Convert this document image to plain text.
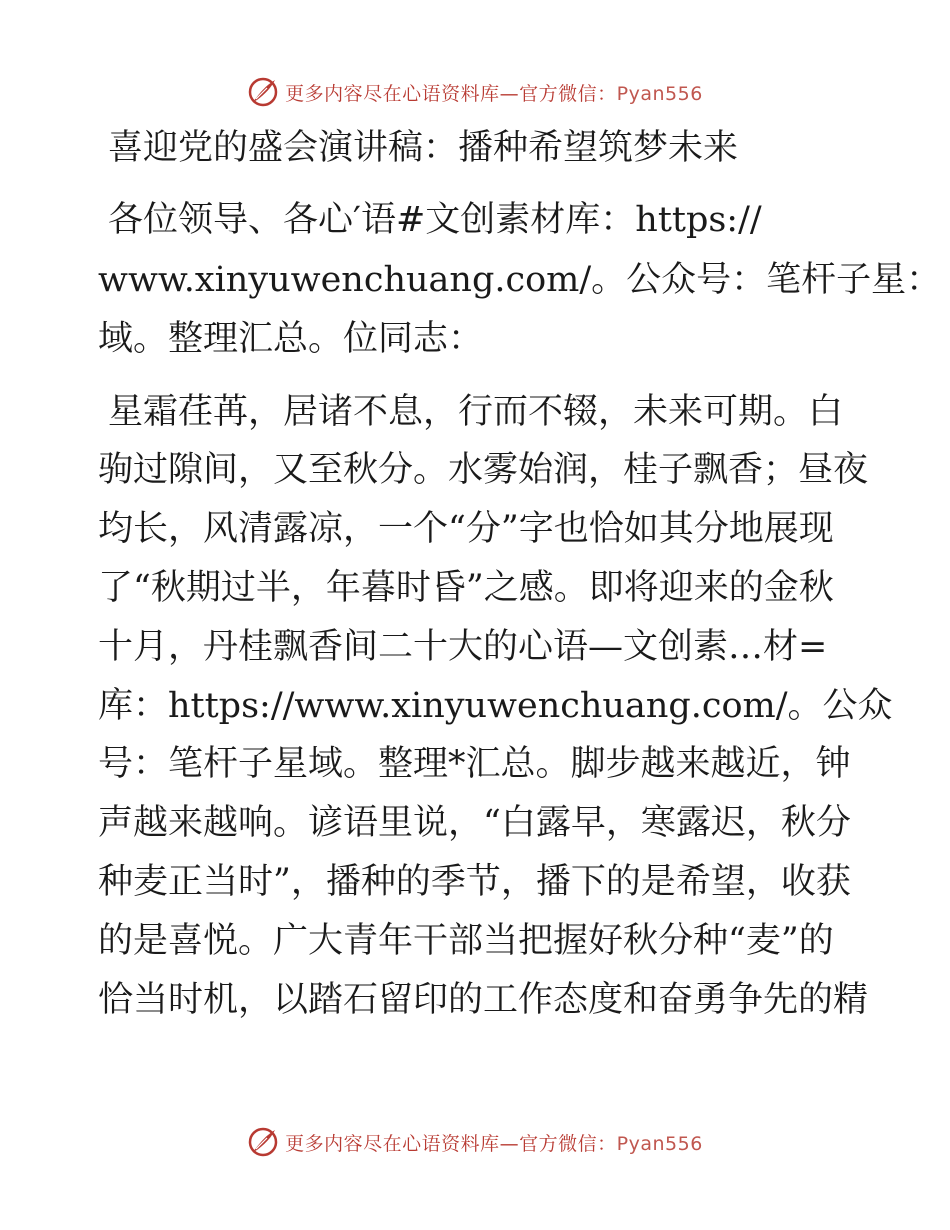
更多内容尽在心语资料库—官方微信：Pyan556
喜迎党的盛会演讲稿：播种希望筑梦未来
各位领导、各心′语#文创素材库：https://
www.xinyuwenchuang.com/。公众号：笔杆子星：
域。整理汇总。位同志：
星霜荏苒，居诸不息，行而不辍，未来可期。白
驹过隙间，又至秋分。水雾始润，桂子飘香；昼夜
均长，风清露凉，一个“分”字也恰如其分地展现
了“秋期过半，年暮时昏”之感。即将迎来的金秋
十月，丹桂飘香间二十大的心语—文创素…材=
库：https://www.xinyuwenchuang.com/。公众
号：笔杆子星域。整理*汇总。脚步越来越近，钟
声越来越响。谚语里说，“白露早，寒露迟，秋分
种麦正当时”，播种的季节，播下的是希望，收获
的是喜悦。广大青年干部当把握好秋分种“麦”的
恰当时机，以踏石留印的工作态度和奋勇争先的精
更多内容尽在心语资料库—官方微信：Pyan556
